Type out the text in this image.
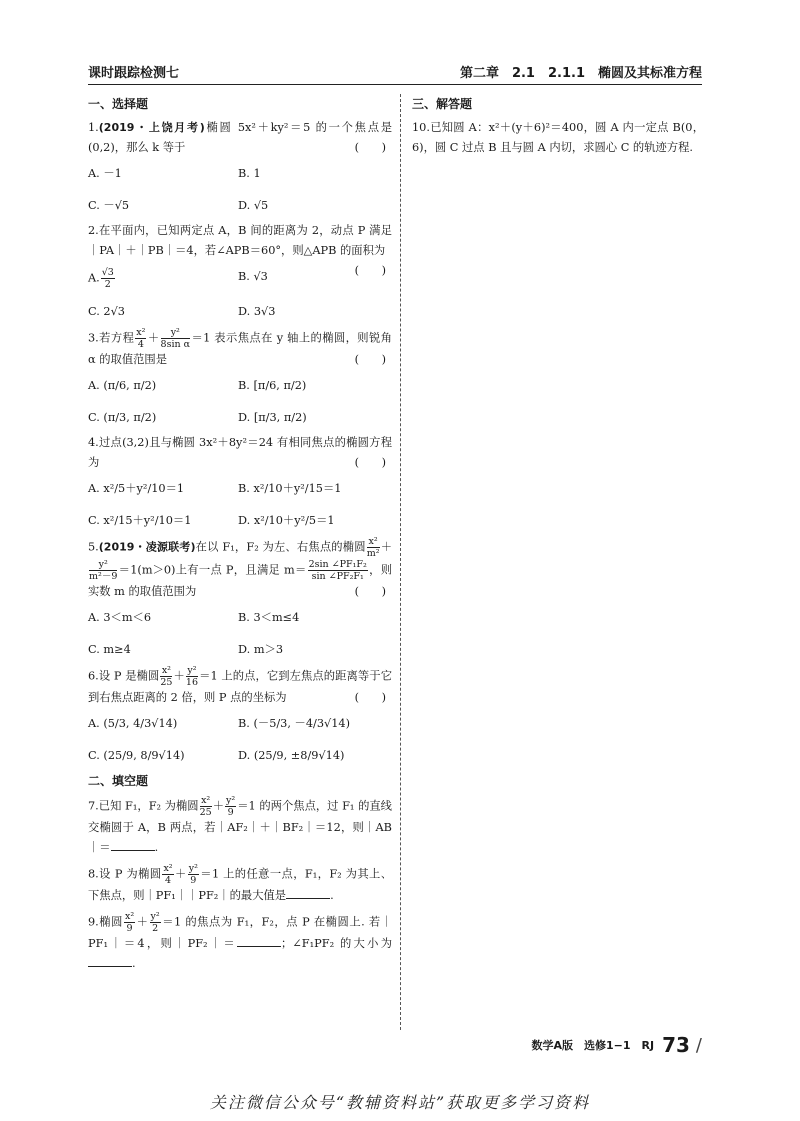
课时跟踪检测七	第二章　2.1　2.1.1　椭圆及其标准方程
一、选择题
1.(2019・上饶月考)椭圆 5x²＋ky²＝5 的一个焦点是(0,2)，那么 k 等于	(　　)
A. －1	B. 1
C. －√5	D. √5
2.在平面内，已知两定点 A，B 间的距离为 2，动点 P 满足｜PA｜＋｜PB｜＝4，若∠APB＝60°，则△APB 的面积为
(　　)
A. $\frac{√3}{2}$	B. √3
C. 2√3	D. 3√3
3.若方程 $\frac{\text{x²}}{4} + \frac{\text{y²}}{\text{8sin α}} =1$ 表示焦点在 y 轴上的椭圆，则锐角 α 的取值范围是	(　　)
A. (π/6, π/2)	B. [π/6, π/2)
C. (π/3, π/2)	D. [π/3, π/2)
4.过点(3,2)且与椭圆 3x²＋8y²＝24 有相同焦点的椭圆方程为	(　　)
A. x²/5＋y²/10＝1	B. x²/10＋y²/15＝1
C. x²/15＋y²/10＝1	D. x²/10＋y²/5＝1
5.(2019・凌源联考)在以 F₁，F₂ 为左、右焦点的椭圆 $\frac{\text{x²}}{\text{m²}}$ ＋
$\frac{\text{y²}}{\text{m²－9}} =1(m>0)$上有一点 P，且满足 $m= \frac{\text{2sin ∠PF₁F₂}}{\text{sin ∠PF₂F₁}}$ ，则实数 m 的取值范围为	(　　)
A. 3＜m＜6	B. 3＜m≤4
C. m≥4	D. m＞3
6.设 P 是椭圆 $\frac{\text{x²}}{25} + \frac{\text{y²}}{16} =1$ 上的点，它到左焦点的距离等于它到右焦点距离的 2 倍，则 P 点的坐标为	(　　)
A. (5/3, 4/3√14)	B. (－5/3, －4/3√14)
C. (25/9, 8/9√14)	D. (25/9, ±8/9√14)
二、填空题
7.已知 F₁，F₂ 为椭圆 $\frac{\text{x²}}{25} + \frac{\text{y²}}{9} =1$ 的两个焦点，过 F₁ 的直线交椭圆于 A，B 两点，若｜AF₂｜＋｜BF₂｜＝12，则｜AB｜＝	.
8.设 P 为椭圆 $\frac{\text{x²}}{4} + \frac{\text{y²}}{9} =1$ 上的任意一点，F₁，F₂ 为其上、下焦点，则｜PF₁｜｜PF₂｜的最大值是	.
9.椭圆 $\frac{\text{x²}}{9} + \frac{\text{y²}}{2} =1$ 的焦点为 F₁，F₂，点 P 在椭圆上. 若｜PF₁｜＝4，则｜PF₂｜＝	；∠F₁PF₂ 的大小为.
三、解答题
10.已知圆 A：x²＋(y＋6)²＝400，圆 A 内一定点 B(0，6)，圆 C 过点 B 且与圆 A 内切，求圆心 C 的轨迹方程.
数学A版　选修1−1　RJ 73 /
关注微信公众号“教辅资料站”获取更多学习资料
